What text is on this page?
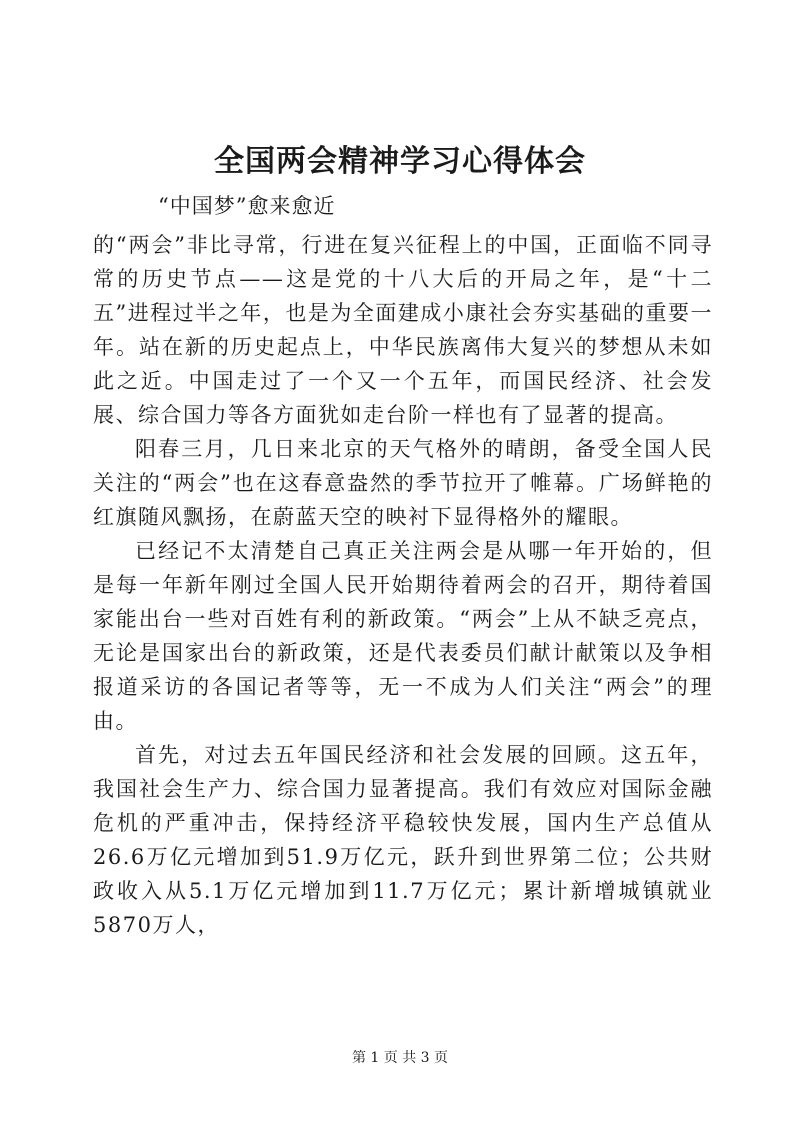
全国两会精神学习心得体会
“中国梦”愈来愈近

的“两会”非比寻常，行进在复兴征程上的中国，正面临不同寻常的历史节点——这是党的十八大后的开局之年，是“十二五”进程过半之年，也是为全面建成小康社会夯实基础的重要一年。站在新的历史起点上，中华民族离伟大复兴的梦想从未如此之近。中国走过了一个又一个五年，而国民经济、社会发展、综合国力等各方面犹如走台阶一样也有了显著的提高。

阳春三月，几日来北京的天气格外的晴朗，备受全国人民关注的“两会”也在这春意盎然的季节拉开了帷幕。广场鲜艳的红旗随风飘扬，在蔚蓝天空的映衬下显得格外的耀眼。

已经记不太清楚自己真正关注两会是从哪一年开始的，但是每一年新年刚过全国人民开始期待着两会的召开，期待着国家能出台一些对百姓有利的新政策。“两会”上从不缺乏亮点，无论是国家出台的新政策，还是代表委员们献计献策以及争相报道采访的各国记者等等，无一不成为人们关注“两会”的理由。

首先，对过去五年国民经济和社会发展的回顾。这五年，我国社会生产力、综合国力显著提高。我们有效应对国际金融危机的严重冲击，保持经济平稳较快发展，国内生产总值从26.6万亿元增加到51.9万亿元，跃升到世界第二位；公共财政收入从5.1万亿元增加到11.7万亿元；累计新增城镇就业5870万人，

第 1 页 共 3 页
